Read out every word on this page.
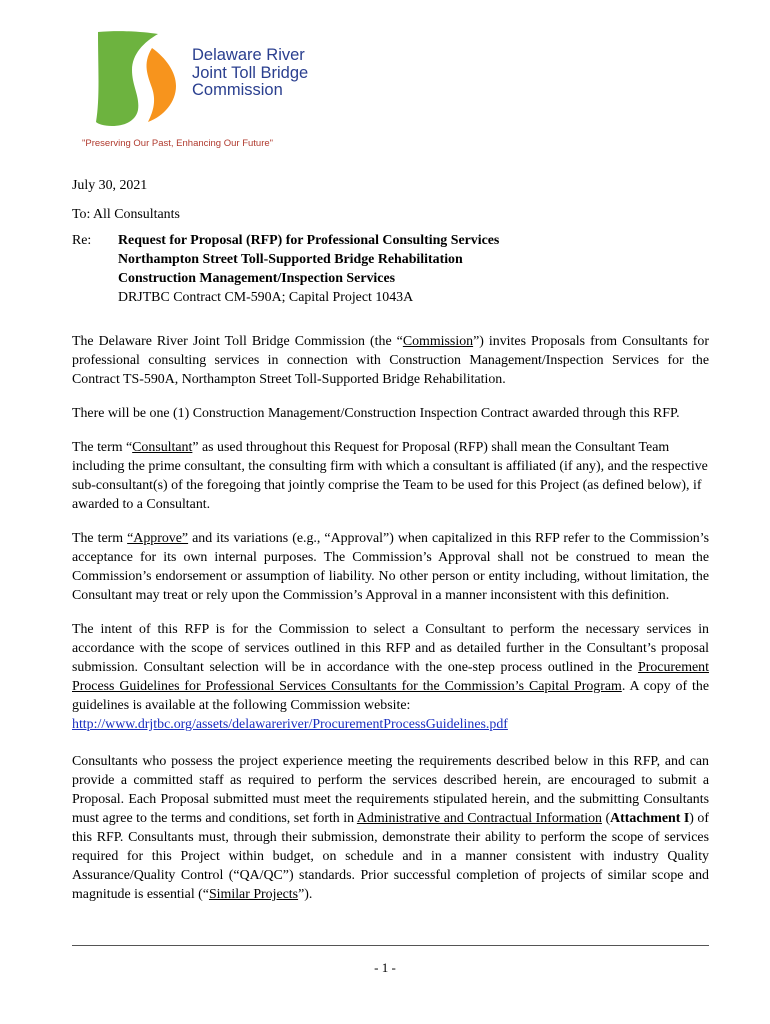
Delaware River
Joint Toll Bridge
Commission
"Preserving Our Past, Enhancing Our Future"

July 30, 2021

To: All Consultants

Re:	Request for Proposal (RFP) for Professional Consulting Services
Northampton Street Toll-Supported Bridge Rehabilitation
Construction Management/Inspection Services
DRJTBC Contract CM-590A; Capital Project 1043A

The Delaware River Joint Toll Bridge Commission (the “Commission”) invites Proposals from Consultants for professional consulting services in connection with Construction Management/Inspection Services for the Contract TS-590A, Northampton Street Toll-Supported Bridge Rehabilitation.

There will be one (1) Construction Management/Construction Inspection Contract awarded through this RFP.

The term “Consultant” as used throughout this Request for Proposal (RFP) shall mean the Consultant Team including the prime consultant, the consulting firm with which a consultant is affiliated (if any), and the respective sub-consultant(s) of the foregoing that jointly comprise the Team to be used for this Project (as defined below), if awarded to a Consultant.

The term “Approve” and its variations (e.g., “Approval”) when capitalized in this RFP refer to the Commission’s acceptance for its own internal purposes. The Commission’s Approval shall not be construed to mean the Commission’s endorsement or assumption of liability. No other person or entity including, without limitation, the Consultant may treat or rely upon the Commission’s Approval in a manner inconsistent with this definition.

The intent of this RFP is for the Commission to select a Consultant to perform the necessary services in accordance with the scope of services outlined in this RFP and as detailed further in the Consultant’s proposal submission. Consultant selection will be in accordance with the one-step process outlined in the Procurement Process Guidelines for Professional Services Consultants for the Commission’s Capital Program. A copy of the guidelines is available at the following Commission website:
http://www.drjtbc.org/assets/delawareriver/ProcurementProcessGuidelines.pdf

Consultants who possess the project experience meeting the requirements described below in this RFP, and can provide a committed staff as required to perform the services described herein, are encouraged to submit a Proposal. Each Proposal submitted must meet the requirements stipulated herein, and the submitting Consultants must agree to the terms and conditions, set forth in Administrative and Contractual Information (Attachment I) of this RFP. Consultants must, through their submission, demonstrate their ability to perform the scope of services required for this Project within budget, on schedule and in a manner consistent with industry Quality Assurance/Quality Control (“QA/QC”) standards. Prior successful completion of projects of similar scope and magnitude is essential (“Similar Projects”).

- 1 -
